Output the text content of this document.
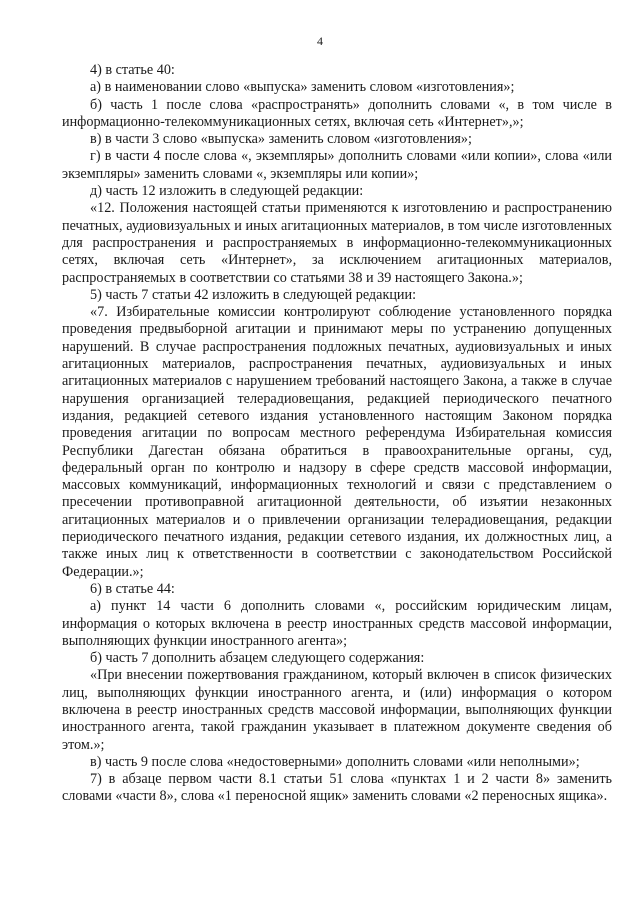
4

4) в статье 40:

а) в наименовании слово «выпуска» заменить словом «изготовления»;

б) часть 1 после слова «распространять» дополнить словами «, в том числе в информационно-телекоммуникационных сетях, включая сеть «Интернет»,»;

в) в части 3 слово «выпуска» заменить словом «изготовления»;

г) в части 4 после слова «, экземпляры» дополнить словами «или копии», слова «или экземпляры» заменить словами «, экземпляры или копии»;

д) часть 12 изложить в следующей редакции:

«12. Положения настоящей статьи применяются к изготовлению и распространению печатных, аудиовизуальных и иных агитационных материалов, в том числе изготовленных для распространения и распространяемых в информационно-телекоммуникационных сетях, включая сеть «Интернет», за исключением агитационных материалов, распространяемых в соответствии со статьями 38 и 39 настоящего Закона.»;

5) часть 7 статьи 42 изложить в следующей редакции:

«7. Избирательные комиссии контролируют соблюдение установленного порядка проведения предвыборной агитации и принимают меры по устранению допущенных нарушений. В случае распространения подложных печатных, аудиовизуальных и иных агитационных материалов, распространения печатных, аудиовизуальных и иных агитационных материалов с нарушением требований настоящего Закона, а также в случае нарушения организацией телерадиовещания, редакцией периодического печатного издания, редакцией сетевого издания установленного настоящим Законом порядка проведения агитации по вопросам местного референдума Избирательная комиссия Республики Дагестан обязана обратиться в правоохранительные органы, суд, федеральный орган по контролю и надзору в сфере средств массовой информации, массовых коммуникаций, информационных технологий и связи с представлением о пресечении противоправной агитационной деятельности, об изъятии незаконных агитационных материалов и о привлечении организации телерадиовещания, редакции периодического печатного издания, редакции сетевого издания, их должностных лиц, а также иных лиц к ответственности в соответствии с законодательством Российской Федерации.»;

6) в статье 44:

а) пункт 14 части 6 дополнить словами «, российским юридическим лицам, информация о которых включена в реестр иностранных средств массовой информации, выполняющих функции иностранного агента»;

б) часть 7 дополнить абзацем следующего содержания:

«При внесении пожертвования гражданином, который включен в список физических лиц, выполняющих функции иностранного агента, и (или) информация о котором включена в реестр иностранных средств массовой информации, выполняющих функции иностранного агента, такой гражданин указывает в платежном документе сведения об этом.»;

в) часть 9 после слова «недостоверными» дополнить словами «или неполными»;

7) в абзаце первом части 8.1 статьи 51 слова «пунктах 1 и 2 части 8» заменить словами «части 8», слова «1 переносной ящик» заменить словами «2 переносных ящика».
